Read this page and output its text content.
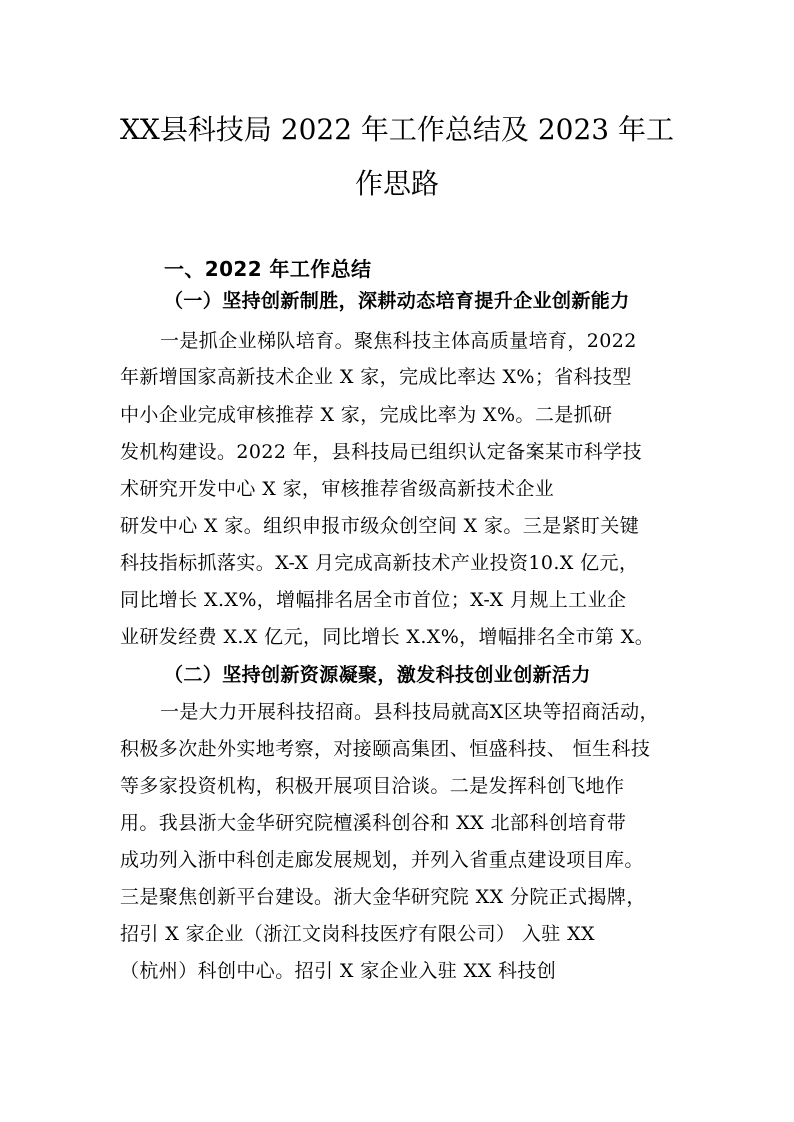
XX县科技局 2022 年工作总结及 2023 年工
作思路

一、2022 年工作总结

（一）坚持创新制胜，深耕动态培育提升企业创新能力

一是抓企业梯队培育。聚焦科技主体高质量培育，2022

年新增国家高新技术企业 X 家，完成比率达 X%；省科技型

中小企业完成审核推荐 X 家，完成比率为 X%。二是抓研

发机构建设。2022 年，县科技局已组织认定备案某市科学技

术研究开发中心 X 家，审核推荐省级高新技术企业

研发中心 X 家。组织申报市级众创空间 X 家。三是紧盯关键

科技指标抓落实。X-X 月完成高新技术产业投资10.X 亿元，

同比增长 X.X%，增幅排名居全市首位；X-X 月规上工业企

业研发经费 X.X 亿元，同比增长 X.X%，增幅排名全市第 X。

（二）坚持创新资源凝聚，激发科技创业创新活力

一是大力开展科技招商。县科技局就高X区块等招商活动，

积极多次赴外实地考察，对接颐高集团、恒盛科技、 恒生科技

等多家投资机构，积极开展项目洽谈。二是发挥科创飞地作

用。我县浙大金华研究院檀溪科创谷和 XX 北部科创培育带

成功列入浙中科创走廊发展规划，并列入省重点建设项目库。

三是聚焦创新平台建设。浙大金华研究院 XX 分院正式揭牌，

招引 X 家企业（浙江文岗科技医疗有限公司） 入驻 XX

（杭州）科创中心。招引 X 家企业入驻 XX 科技创
